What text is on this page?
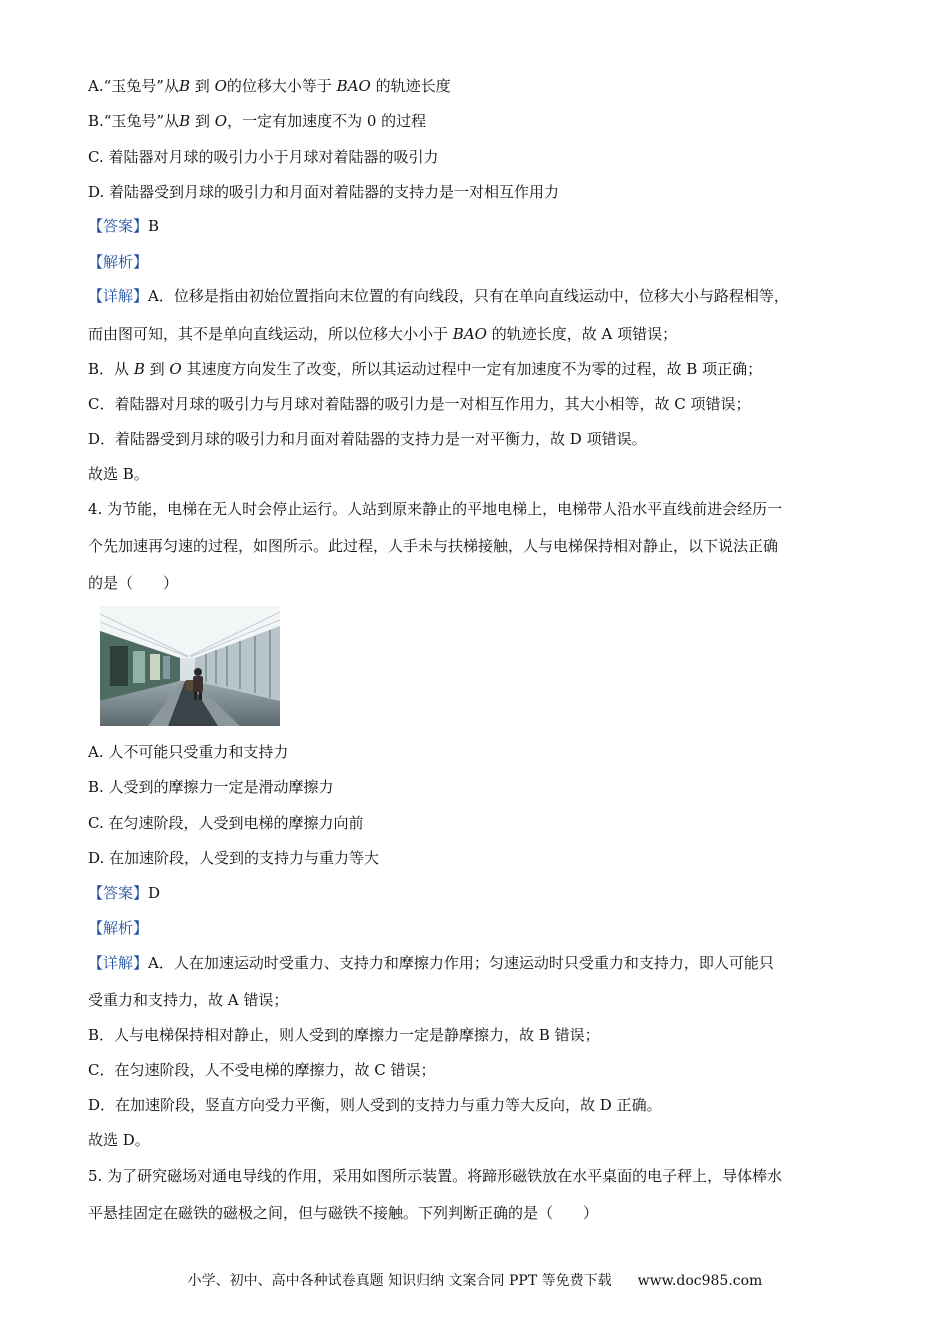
A.“玉兔号”从B 到 O的位移大小等于 BAO 的轨迹长度
B.“玉兔号”从B 到 O，一定有加速度不为 0 的过程
C. 着陆器对月球的吸引力小于月球对着陆器的吸引力
D. 着陆器受到月球的吸引力和月面对着陆器的支持力是一对相互作用力
【答案】B
【解析】
【详解】A．位移是指由初始位置指向末位置的有向线段，只有在单向直线运动中，位移大小与路程相等，
而由图可知，其不是单向直线运动，所以位移大小小于 BAO 的轨迹长度，故 A 项错误；
B．从 B 到 O 其速度方向发生了改变，所以其运动过程中一定有加速度不为零的过程，故 B 项正确；
C．着陆器对月球的吸引力与月球对着陆器的吸引力是一对相互作用力，其大小相等，故 C 项错误；
D．着陆器受到月球的吸引力和月面对着陆器的支持力是一对平衡力，故 D 项错误。
故选 B。
4. 为节能，电梯在无人时会停止运行。人站到原来静止的平地电梯上，电梯带人沿水平直线前进会经历一
个先加速再匀速的过程，如图所示。此过程，人手未与扶梯接触，人与电梯保持相对静止，以下说法正确
的是（　　）
A. 人不可能只受重力和支持力
B. 人受到的摩擦力一定是滑动摩擦力
C. 在匀速阶段，人受到电梯的摩擦力向前
D. 在加速阶段，人受到的支持力与重力等大
【答案】D
【解析】
【详解】A．人在加速运动时受重力、支持力和摩擦力作用；匀速运动时只受重力和支持力，即人可能只
受重力和支持力，故 A 错误；
B．人与电梯保持相对静止，则人受到的摩擦力一定是静摩擦力，故 B 错误；
C．在匀速阶段，人不受电梯的摩擦力，故 C 错误；
D．在加速阶段，竖直方向受力平衡，则人受到的支持力与重力等大反向，故 D 正确。
故选 D。
5. 为了研究磁场对通电导线的作用，采用如图所示装置。将蹄形磁铁放在水平桌面的电子秤上，导体棒水
平悬挂固定在磁铁的磁极之间，但与磁铁不接触。下列判断正确的是（　　）
小学、初中、高中各种试卷真题 知识归纳 文案合同 PPT 等免费下载 www.doc985.com
